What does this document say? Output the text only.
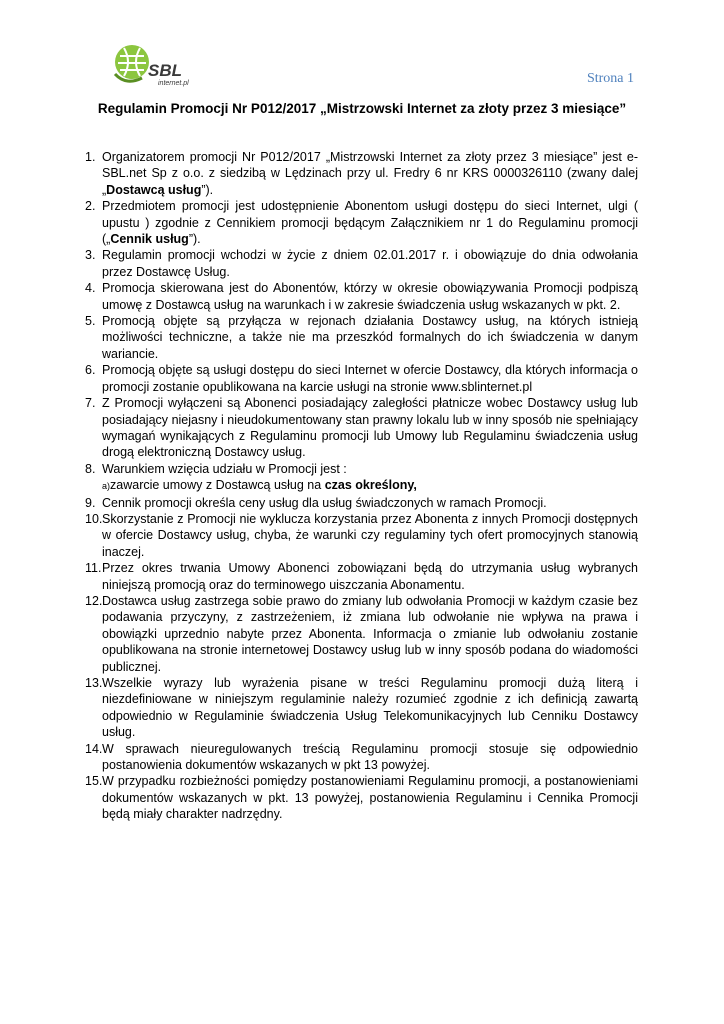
SBL
internet.pl	Strona 1
Regulamin Promocji Nr P012/2017 „Mistrzowski Internet za złoty przez 3 miesiące”
1. Organizatorem promocji Nr P012/2017 „Mistrzowski Internet za złoty przez 3 miesiące” jest e-SBL.net Sp z o.o. z siedzibą w Lędzinach przy ul. Fredry 6 nr KRS 0000326110 (zwany dalej „Dostawcą usług”).
2. Przedmiotem promocji jest udostępnienie Abonentom usługi dostępu do sieci Internet, ulgi ( upustu ) zgodnie z Cennikiem promocji będącym Załącznikiem nr 1 do Regulaminu promocji („Cennik usług”).
3. Regulamin promocji wchodzi w życie z dniem 02.01.2017 r. i obowiązuje do dnia odwołania przez Dostawcę Usług.
4. Promocja skierowana jest do Abonentów, którzy w okresie obowiązywania Promocji podpiszą umowę z Dostawcą usług na warunkach i w zakresie świadczenia usług wskazanych w pkt. 2.
5. Promocją objęte są przyłącza w rejonach działania Dostawcy usług, na których istnieją możliwości techniczne, a także nie ma przeszkód formalnych do ich świadczenia w danym wariancie.
6. Promocją objęte są usługi dostępu do sieci Internet w ofercie Dostawcy, dla których informacja o promocji zostanie opublikowana na karcie usługi na stronie www.sblinternet.pl
7. Z Promocji wyłączeni są Abonenci posiadający zaległości płatnicze wobec Dostawcy usług lub posiadający niejasny i nieudokumentowany stan prawny lokalu lub w inny sposób nie spełniający wymagań wynikających z Regulaminu promocji lub Umowy lub Regulaminu świadczenia usług drogą elektroniczną Dostawcy usług.
8. Warunkiem wzięcia udziału w Promocji jest :
a)zawarcie umowy z Dostawcą usług na czas określony,
9. Cennik promocji określa ceny usług dla usług świadczonych w ramach Promocji.
10. Skorzystanie z Promocji nie wyklucza korzystania przez Abonenta z innych Promocji dostępnych w ofercie Dostawcy usług, chyba, że warunki czy regulaminy tych ofert promocyjnych stanowią inaczej.
11. Przez okres trwania Umowy Abonenci zobowiązani będą do utrzymania usług wybranych niniejszą promocją oraz do terminowego uiszczania Abonamentu.
12. Dostawca usług zastrzega sobie prawo do zmiany lub odwołania Promocji w każdym czasie bez podawania przyczyny, z zastrzeżeniem, iż zmiana lub odwołanie nie wpływa na prawa i obowiązki uprzednio nabyte przez Abonenta. Informacja o zmianie lub odwołaniu zostanie opublikowana na stronie internetowej Dostawcy usług lub w inny sposób podana do wiadomości publicznej.
13. Wszelkie wyrazy lub wyrażenia pisane w treści Regulaminu promocji dużą literą i niezdefiniowane w niniejszym regulaminie należy rozumieć zgodnie z ich definicją zawartą odpowiednio w Regulaminie świadczenia Usług Telekomunikacyjnych lub Cenniku Dostawcy usług.
14. W sprawach nieuregulowanych treścią Regulaminu promocji stosuje się odpowiednio postanowienia dokumentów wskazanych w pkt 13 powyżej.
15. W przypadku rozbieżności pomiędzy postanowieniami Regulaminu promocji, a postanowieniami dokumentów wskazanych w pkt. 13 powyżej, postanowienia Regulaminu i Cennika Promocji będą miały charakter nadrzędny.
